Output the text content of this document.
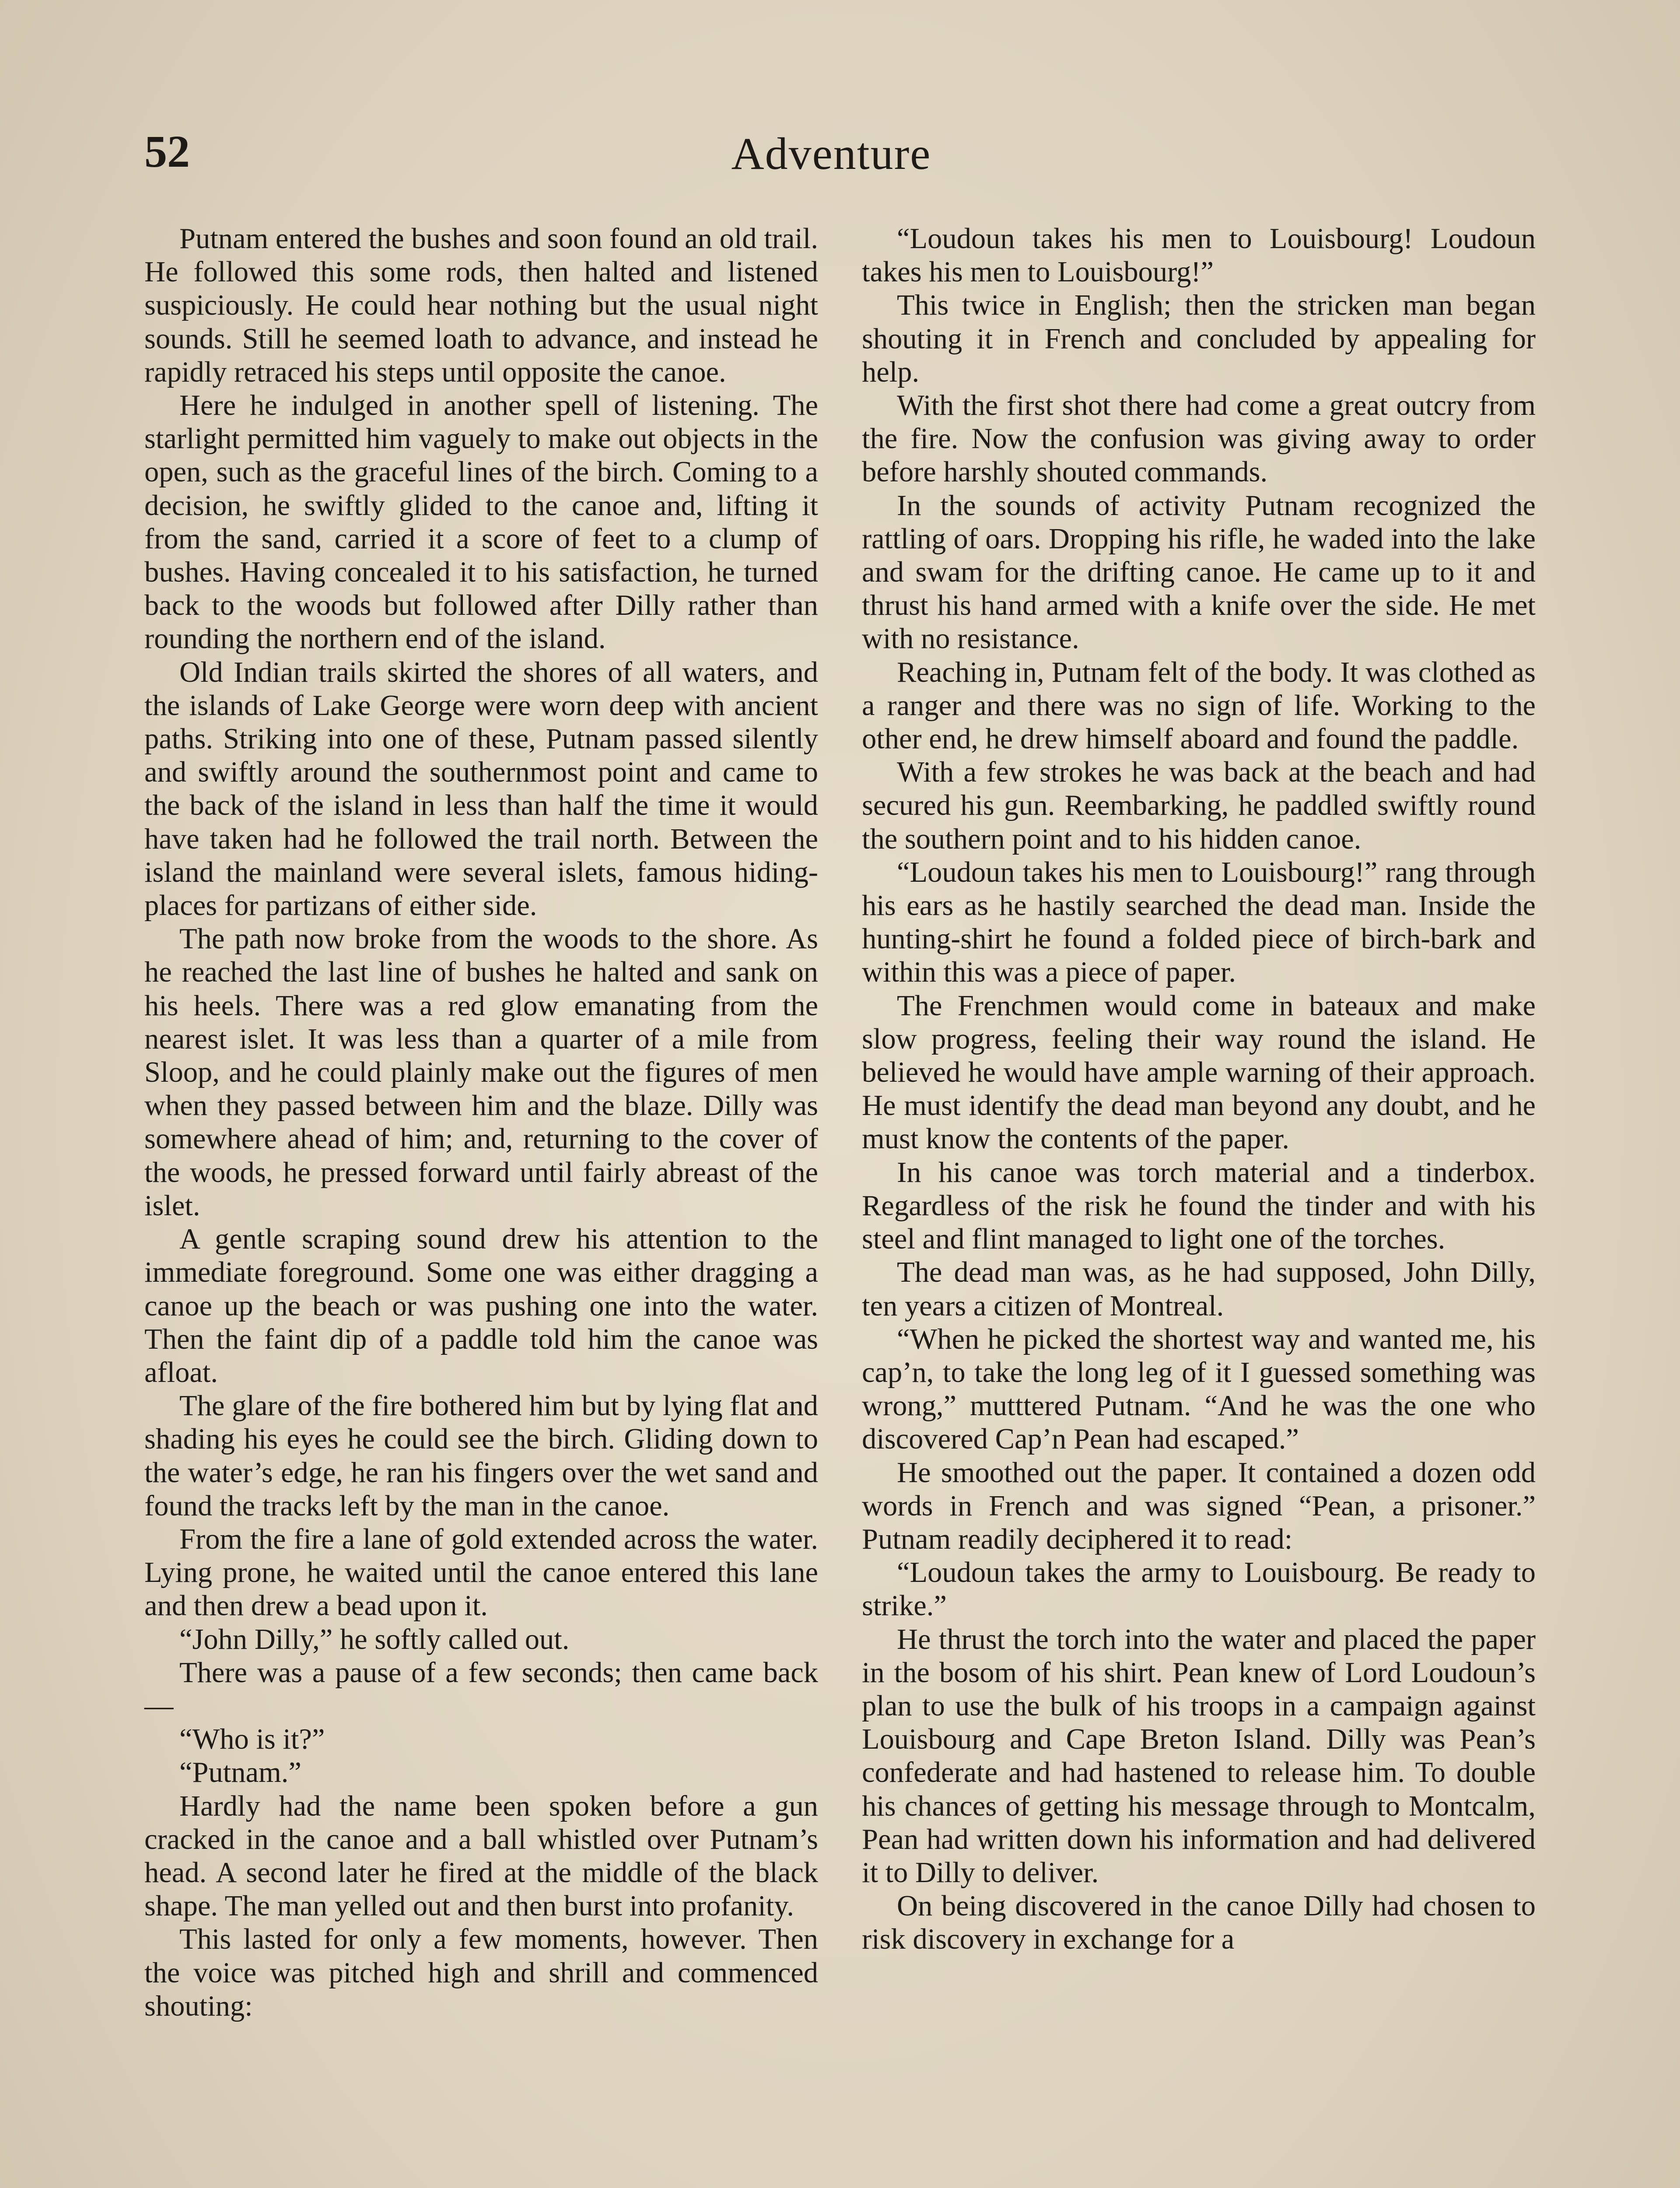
52	Adventure

Putnam entered the bushes and soon found an old trail. He followed this some rods, then halted and listened suspiciously. He could hear nothing but the usual night sounds. Still he seemed loath to advance, and instead he rapidly retraced his steps until opposite the canoe.

Here he indulged in another spell of listening. The starlight permitted him vaguely to make out objects in the open, such as the graceful lines of the birch. Coming to a decision, he swiftly glided to the canoe and, lifting it from the sand, carried it a score of feet to a clump of bushes. Having concealed it to his satisfaction, he turned back to the woods but followed after Dilly rather than rounding the northern end of the island.

Old Indian trails skirted the shores of all waters, and the islands of Lake George were worn deep with ancient paths. Striking into one of these, Putnam passed silently and swiftly around the southernmost point and came to the back of the island in less than half the time it would have taken had he followed the trail north. Between the island the mainland were several islets, famous hiding-places for partizans of either side.

The path now broke from the woods to the shore. As he reached the last line of bushes he halted and sank on his heels. There was a red glow emanating from the nearest islet. It was less than a quarter of a mile from Sloop, and he could plainly make out the figures of men when they passed between him and the blaze. Dilly was somewhere ahead of him; and, returning to the cover of the woods, he pressed forward until fairly abreast of the islet.

A gentle scraping sound drew his attention to the immediate foreground. Some one was either dragging a canoe up the beach or was pushing one into the water. Then the faint dip of a paddle told him the canoe was afloat.

The glare of the fire bothered him but by lying flat and shading his eyes he could see the birch. Gliding down to the water’s edge, he ran his fingers over the wet sand and found the tracks left by the man in the canoe.

From the fire a lane of gold extended across the water. Lying prone, he waited until the canoe entered this lane and then drew a bead upon it.

“John Dilly,” he softly called out.

There was a pause of a few seconds; then came back—

“Who is it?”

“Putnam.”

Hardly had the name been spoken before a gun cracked in the canoe and a ball whistled over Putnam’s head. A second later he fired at the middle of the black shape. The man yelled out and then burst into profanity.

This lasted for only a few moments, however. Then the voice was pitched high and shrill and commenced shouting:

“Loudoun takes his men to Louisbourg! Loudoun takes his men to Louisbourg!”

This twice in English; then the stricken man began shouting it in French and concluded by appealing for help.

With the first shot there had come a great outcry from the fire. Now the confusion was giving away to order before harshly shouted commands.

In the sounds of activity Putnam recognized the rattling of oars. Dropping his rifle, he waded into the lake and swam for the drifting canoe. He came up to it and thrust his hand armed with a knife over the side. He met with no resistance.

Reaching in, Putnam felt of the body. It was clothed as a ranger and there was no sign of life. Working to the other end, he drew himself aboard and found the paddle.

With a few strokes he was back at the beach and had secured his gun. Reembarking, he paddled swiftly round the southern point and to his hidden canoe.

“Loudoun takes his men to Louisbourg!” rang through his ears as he hastily searched the dead man. Inside the hunting-shirt he found a folded piece of birch-bark and within this was a piece of paper.

The Frenchmen would come in bateaux and make slow progress, feeling their way round the island. He believed he would have ample warning of their approach. He must identify the dead man beyond any doubt, and he must know the contents of the paper.

In his canoe was torch material and a tinderbox. Regardless of the risk he found the tinder and with his steel and flint managed to light one of the torches.

The dead man was, as he had supposed, John Dilly, ten years a citizen of Montreal.

“When he picked the shortest way and wanted me, his cap’n, to take the long leg of it I guessed something was wrong,” mutttered Putnam. “And he was the one who discovered Cap’n Pean had escaped.”

He smoothed out the paper. It contained a dozen odd words in French and was signed “Pean, a prisoner.” Putnam readily deciphered it to read:

“Loudoun takes the army to Louisbourg. Be ready to strike.”

He thrust the torch into the water and placed the paper in the bosom of his shirt. Pean knew of Lord Loudoun’s plan to use the bulk of his troops in a campaign against Louisbourg and Cape Breton Island. Dilly was Pean’s confederate and had hastened to release him. To double his chances of getting his message through to Montcalm, Pean had written down his information and had delivered it to Dilly to deliver.

On being discovered in the canoe Dilly had chosen to risk discovery in exchange for a
